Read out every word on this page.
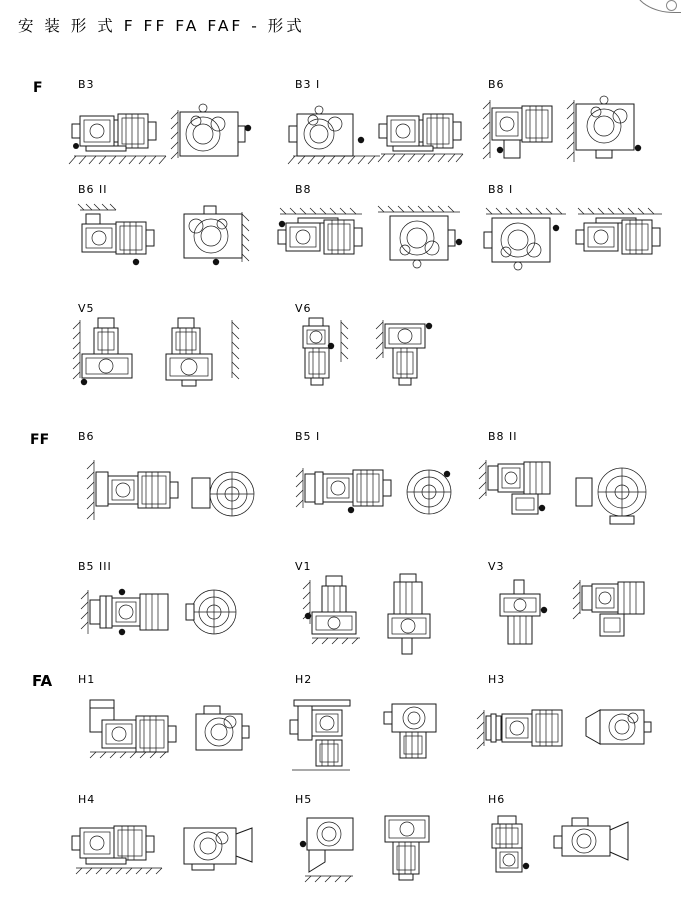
安 装 形 式 F FF FA FAF - 形式
F	B3	B3 I	B6
B6 II	B8	B8 I
V5	V6
FF	B6	B5 I	B8 II
B5 III	V1	V3
FA H1	H2	H3
H4	H5	H6
